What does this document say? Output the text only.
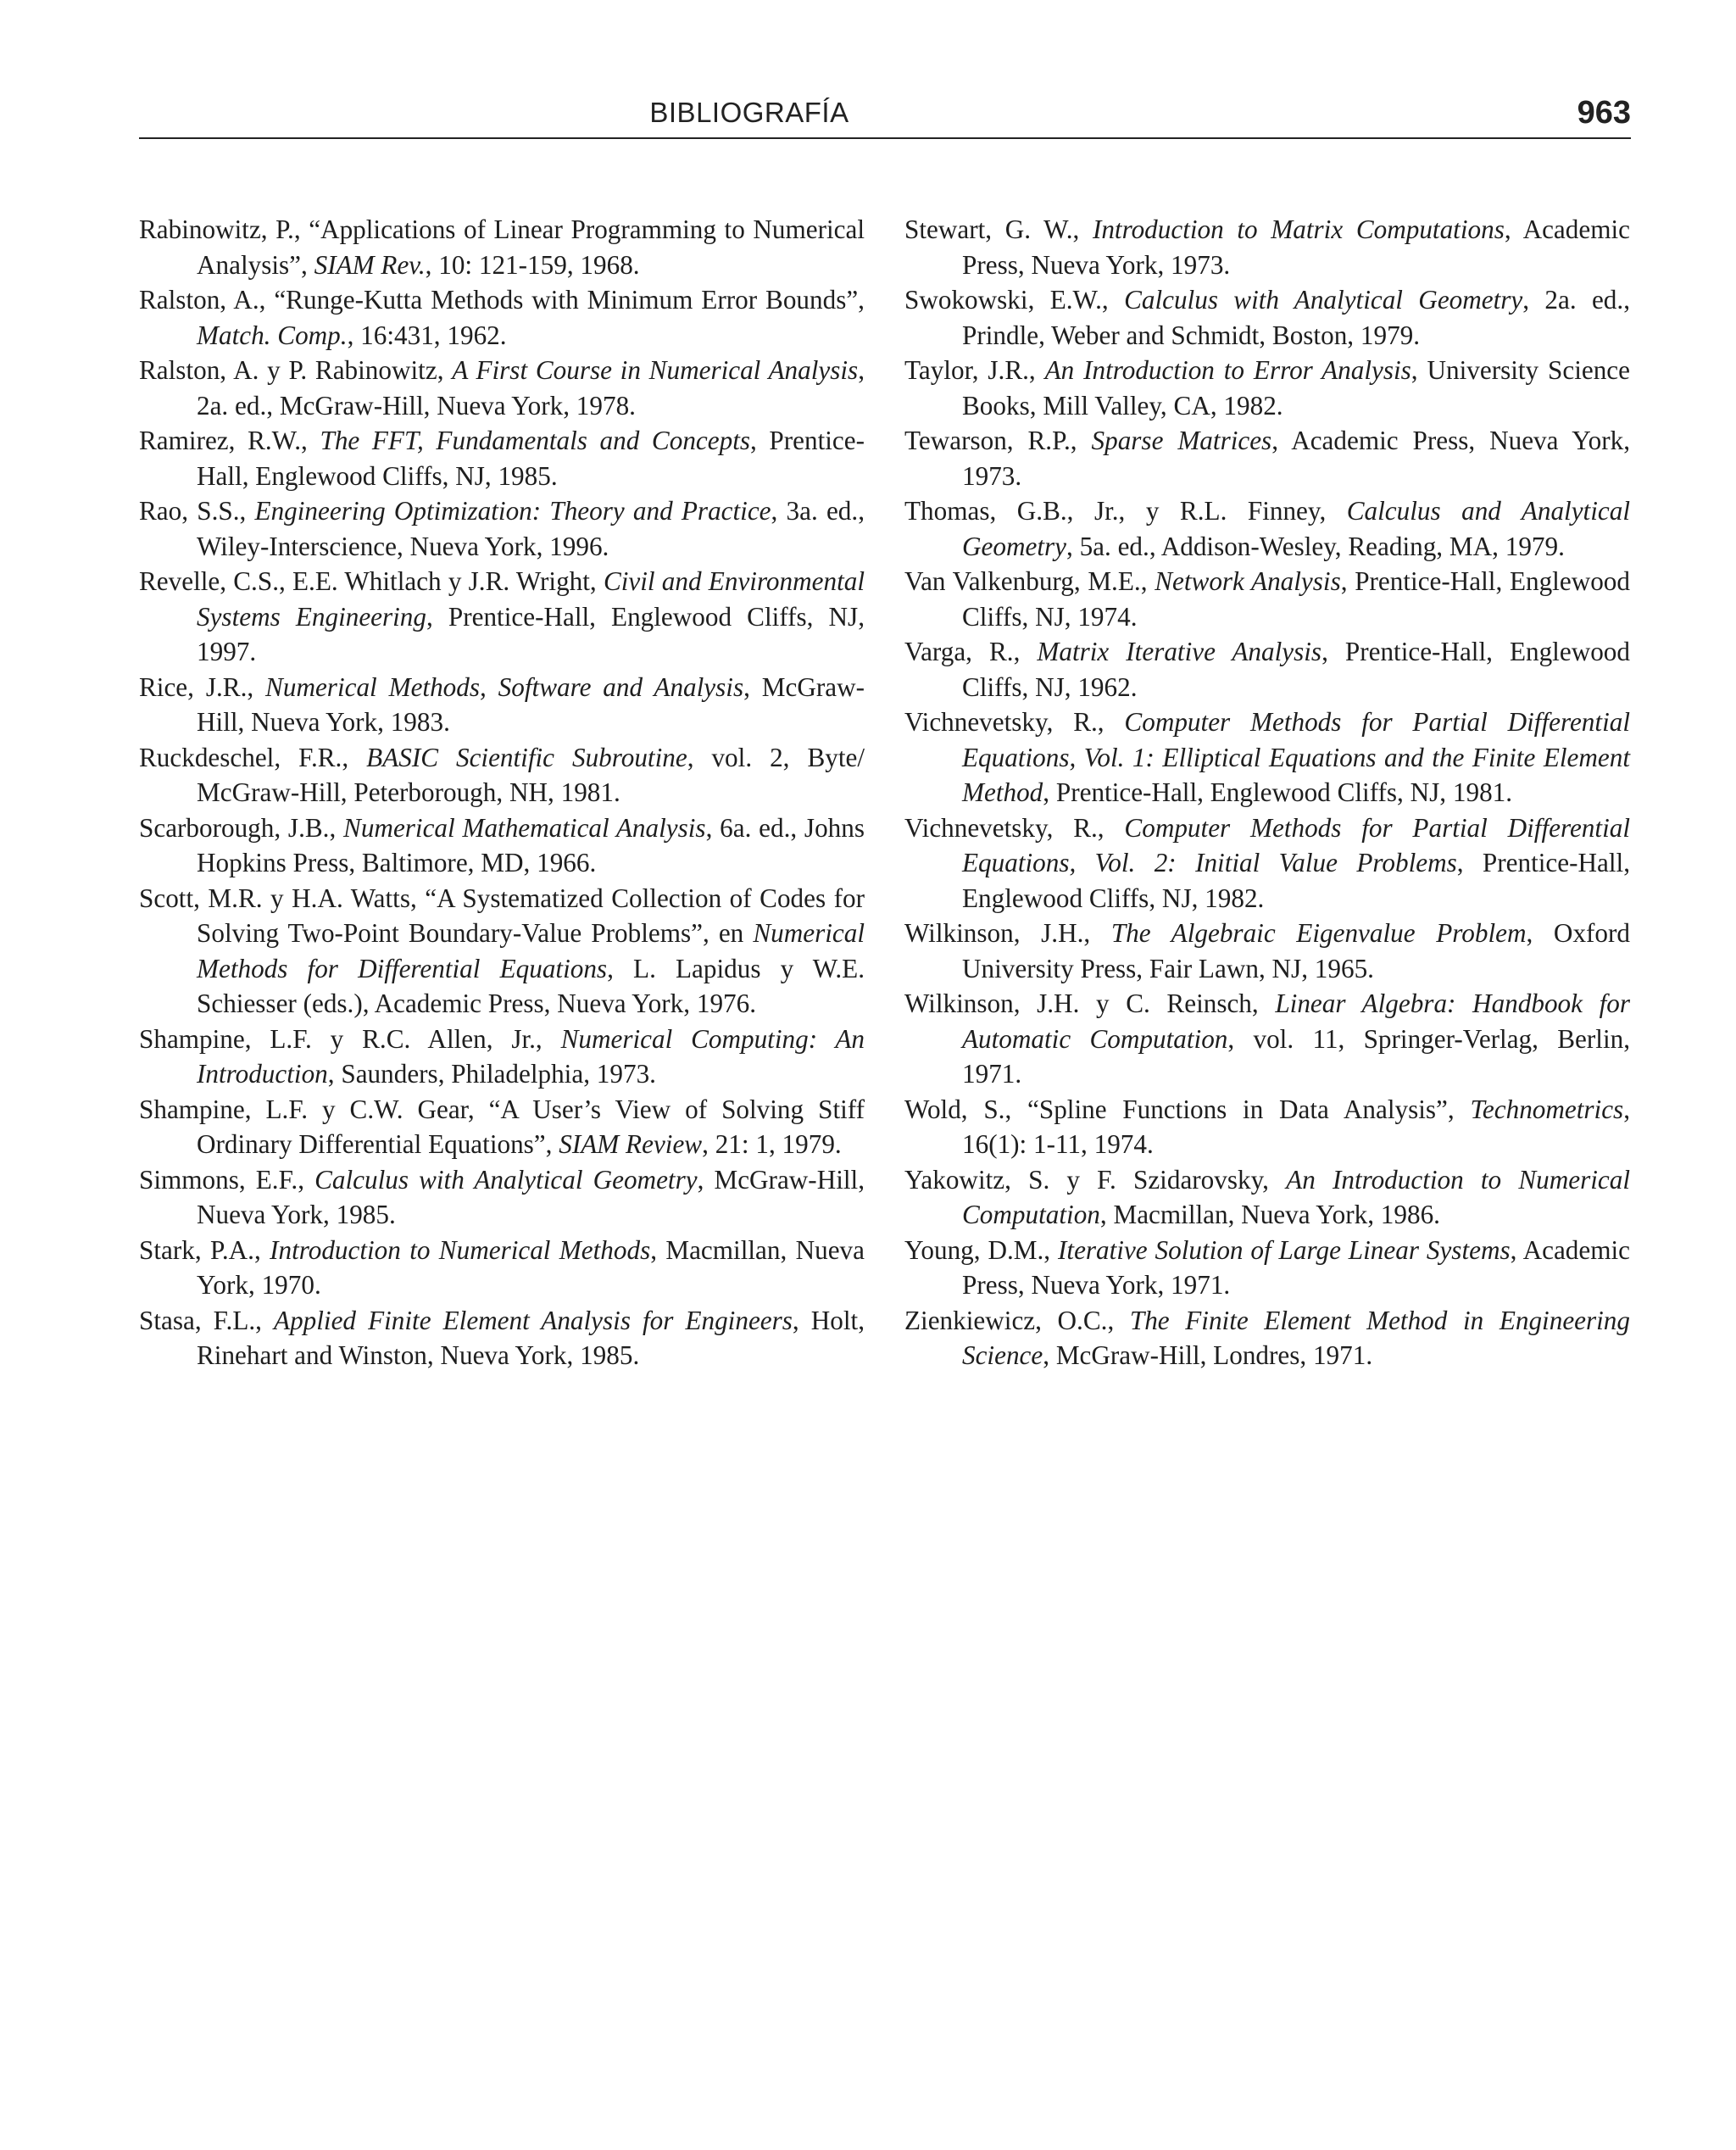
BIBLIOGRAFÍA	963

Rabinowitz, P., “Applications of Linear Programming to Numerical Analysis”, SIAM Rev., 10: 121-159, 1968.

Ralston, A., “Runge-Kutta Methods with Minimum Error Bounds”, Match. Comp., 16:431, 1962.

Ralston, A. y P. Rabinowitz, A First Course in Numerical Analysis, 2a. ed., McGraw-Hill, Nueva York, 1978.

Ramirez, R.W., The FFT, Fundamentals and Concepts, Prentice-Hall, Englewood Cliffs, NJ, 1985.

Rao, S.S., Engineering Optimization: Theory and Practice, 3a. ed., Wiley-Interscience, Nueva York, 1996.

Revelle, C.S., E.E. Whitlach y J.R. Wright, Civil and Environmental Systems Engineering, Prentice-Hall, Englewood Cliffs, NJ, 1997.

Rice, J.R., Numerical Methods, Software and Analysis, McGraw-Hill, Nueva York, 1983.

Ruckdeschel, F.R., BASIC Scientific Subroutine, vol. 2, Byte/ McGraw-Hill, Peterborough, NH, 1981.

Scarborough, J.B., Numerical Mathematical Analysis, 6a. ed., Johns Hopkins Press, Baltimore, MD, 1966.

Scott, M.R. y H.A. Watts, “A Systematized Collection of Codes for Solving Two-Point Boundary-Value Problems”, en Numerical Methods for Differential Equations, L. Lapidus y W.E. Schiesser (eds.), Academic Press, Nueva York, 1976.

Shampine, L.F. y R.C. Allen, Jr., Numerical Computing: An Introduction, Saunders, Philadelphia, 1973.

Shampine, L.F. y C.W. Gear, “A User’s View of Solving Stiff Ordinary Differential Equations”, SIAM Review, 21: 1, 1979.

Simmons, E.F., Calculus with Analytical Geometry, McGraw-Hill, Nueva York, 1985.

Stark, P.A., Introduction to Numerical Methods, Macmillan, Nueva York, 1970.

Stasa, F.L., Applied Finite Element Analysis for Engineers, Holt, Rinehart and Winston, Nueva York, 1985.

Stewart, G. W., Introduction to Matrix Computations, Academic Press, Nueva York, 1973.

Swokowski, E.W., Calculus with Analytical Geometry, 2a. ed., Prindle, Weber and Schmidt, Boston, 1979.

Taylor, J.R., An Introduction to Error Analysis, University Science Books, Mill Valley, CA, 1982.

Tewarson, R.P., Sparse Matrices, Academic Press, Nueva York, 1973.

Thomas, G.B., Jr., y R.L. Finney, Calculus and Analytical Geometry, 5a. ed., Addison-Wesley, Reading, MA, 1979.

Van Valkenburg, M.E., Network Analysis, Prentice-Hall, Englewood Cliffs, NJ, 1974.

Varga, R., Matrix Iterative Analysis, Prentice-Hall, Englewood Cliffs, NJ, 1962.

Vichnevetsky, R., Computer Methods for Partial Differential Equations, Vol. 1: Elliptical Equations and the Finite Element Method, Prentice-Hall, Englewood Cliffs, NJ, 1981.

Vichnevetsky, R., Computer Methods for Partial Differential Equations, Vol. 2: Initial Value Problems, Prentice-Hall, Englewood Cliffs, NJ, 1982.

Wilkinson, J.H., The Algebraic Eigenvalue Problem, Oxford University Press, Fair Lawn, NJ, 1965.

Wilkinson, J.H. y C. Reinsch, Linear Algebra: Handbook for Automatic Computation, vol. 11, Springer-Verlag, Berlin, 1971.

Wold, S., “Spline Functions in Data Analysis”, Technometrics, 16(1): 1-11, 1974.

Yakowitz, S. y F. Szidarovsky, An Introduction to Numerical Computation, Macmillan, Nueva York, 1986.

Young, D.M., Iterative Solution of Large Linear Systems, Academic Press, Nueva York, 1971.

Zienkiewicz, O.C., The Finite Element Method in Engineering Science, McGraw-Hill, Londres, 1971.
